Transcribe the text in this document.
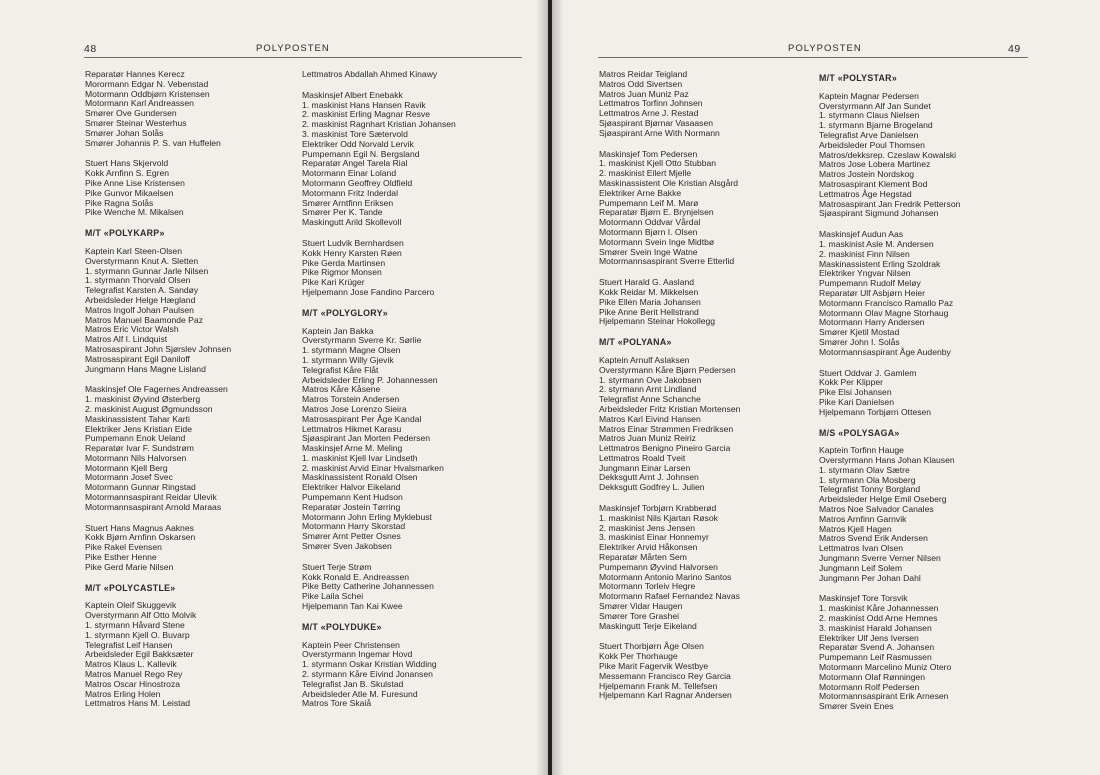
48	POLYPOSTEN
Reparatør Hannes Kerecz
Morormann Edgar N. Vebenstad
Motormann Oddbjørn Kristensen
Motormann Karl Andreassen
Smører Ove Gundersen
Smører Steinar Westerhus
Smører Johan Solås
Smører Johannis P. S. van Huffelen
Stuert Hans Skjervold
Kokk Arnfinn S. Egren
Pike Anne Lise Kristensen
Pike Gunvor Mikaelsen
Pike Ragna Solås
Pike Wenche M. Mikalsen
M/T «POLYKARP»
Kaptein Karl Steen-Olsen
Overstyrmann Knut A. Sletten
1. styrmann Gunnar Jarle Nilsen
1. styrmann Thorvald Olsen
Telegrafist Karsten A. Sandøy
Arbeidsleder Helge Hægland
Matros Ingolf Johan Paulsen
Matros Manuel Baamonde Paz
Matros Eric Victor Walsh
Matros Alf I. Lindquist
Matrosaspirant John Sjørslev Johnsen
Matrosaspirant Egil Daniloff
Jungmann Hans Magne Lisland
Maskinsjef Ole Fagernes Andreassen
1. maskinist Øyvind Østerberg
2. maskinist August Øgmundsson
Maskinassistent Tahar Karti
Elektriker Jens Kristian Eide
Pumpemann Enok Ueland
Reparatør Ivar F. Sundstrøm
Motormann Nils Halvorsen
Motormann Kjell Berg
Motormann Josef Svec
Motormann Gunnar Ringstad
Motormannsaspirant Reidar Ulevik
Motormannsaspirant Arnold Maraas
Stuert Hans Magnus Aaknes
Kokk Bjørn Arnfinn Oskarsen
Pike Rakel Evensen
Pike Esther Henne
Pike Gerd Marie Nilsen
M/T «POLYCASTLE»
Kaptein Oleif Skuggevik
Overstyrmann Alf Otto Molvik
1. styrmann Håvard Stene
1. styrmann Kjell O. Buvarp
Telegrafist Leif Hansen
Arbeidsleder Egil Bakksæter
Matros Klaus L. Kallevik
Matros Manuel Rego Rey
Matros Oscar Hinostroza
Matros Erling Holen
Lettmatros Hans M. Leistad
Lettmatros Abdallah Ahmed Kinawy
Maskinsjef Albert Enebakk
1. maskinist Hans Hansen Ravik
2. maskinist Erling Magnar Resve
2. maskinist Ragnhart Kristian Johansen
3. maskinist Tore Sætervold
Elektriker Odd Norvald Lervik
Pumpemann Egil N. Bergsland
Reparatør Angel Tarela Rial
Motormann Einar Loland
Motormann Geoffrey Oldfield
Motormann Fritz Inderdal
Smører Arntfinn Eriksen
Smører Per K. Tande
Maskingutt Arild Skollevoll
Stuert Ludvik Bernhardsen
Kokk Henry Karsten Røen
Pike Gerda Martinsen
Pike Rigmor Monsen
Pike Kari Krüger
Hjelpemann Jose Fandino Parcero
M/T «POLYGLORY»
Kaptein Jan Bakka
Overstyrmann Sverre Kr. Sørlie
1. styrmann Magne Olsen
1. styrmann Willy Gjevik
Telegrafist Kåre Flåt
Arbeidsleder Erling P. Johannessen
Matros Kåre Kåsene
Matros Torstein Andersen
Matros Jose Lorenzo Sieira
Matrosaspirant Per Åge Kandal
Lettmatros Hikmet Karasu
Sjøaspirant Jan Morten Pedersen
Maskinsjef Arne M. Meling
1. maskinist Kjell Ivar Lindseth
2. maskinist Arvid Einar Hvalsmarken
Maskinassistent Ronald Olsen
Elektriker Halvor Eikeland
Pumpemann Kent Hudson
Reparatør Jostein Tørring
Motormann John Erling Myklebust
Motormann Harry Skorstad
Smører Arnt Petter Osnes
Smører Sven Jakobsen
Stuert Terje Strøm
Kokk Ronald E. Andreassen
Pike Betty Catherine Johannessen
Pike Laila Schei
Hjelpemann Tan Kai Kwee
M/T «POLYDUKE»
Kaptein Peer Christensen
Overstyrmann Ingemar Hovd
1. styrmann Oskar Kristian Widding
2. styrmann Kåre Eivind Jonansen
Telegrafist Jan B. Skulstad
Arbeidsleder Atle M. Furesund
Matros Tore Skaiå
POLYPOSTEN	49
Matros Reidar Teigland
Matros Odd Sivertsen
Matros Juan Muniz Paz
Lettmatros Torfinn Johnsen
Lettmatros Arne J. Restad
Sjøaspirant Bjørnar Vasaasen
Sjøaspirant Arne With Normann
Maskinsjef Tom Pedersen
1. maskinist Kjell Otto Stubban
2. maskinist Eilert Mjelle
Maskinassistent Ole Kristian Alsgård
Elektriker Arne Bakke
Pumpemann Leif M. Marø
Reparatør Bjørn E. Brynjelsen
Motormann Oddvar Vårdal
Motormann Bjørn I. Olsen
Motormann Svein Inge Midtbø
Smører Svein Inge Watne
Motormannsaspirant Sverre Etterlid
Stuert Harald G. Aasland
Kokk Reidar M. Mikkelsen
Pike Ellen Maria Johansen
Pike Anne Berit Hellstrand
Hjelpemann Steinar Hokollegg
M/T «POLYANA»
Kaptein Arnulf Aslaksen
Overstyrmann Kåre Bjørn Pedersen
1. styrmann Ove Jakobsen
2. styrmann Arnt Lindland
Telegrafist Anne Schanche
Arbeidsleder Fritz Kristian Mortensen
Matros Karl Eivind Hansen
Matros Einar Strømmen Fredriksen
Matros Juan Muniz Reiriz
Lettmatros Benigno Pineiro Garcia
Lettmatros Roald Tveit
Jungmann Einar Larsen
Dekksgutt Arnt J. Johnsen
Dekksgutt Godfrey L. Julien
Maskinsjef Torbjørn Krabberød
1. maskinist Nils Kjartan Røsok
2. maskinist Jens Jensen
3. maskinist Einar Honnemyr
Elektriker Arvid Håkonsen
Reparatør Mårten Sem
Pumpemann Øyvind Halvorsen
Motormann Antonio Marino Santos
Motormann Torleiv Hegre
Motormann Rafael Fernandez Navas
Smører Vidar Haugen
Smører Tore Grashei
Maskingutt Terje Eikeland
Stuert Thorbjørn Åge Olsen
Kokk Per Thorhauge
Pike Marit Fagervik Westbye
Messemann Francisco Rey Garcia
Hjelpemann Frank M. Tellefsen
Hjelpemann Karl Ragnar Andersen
M/T «POLYSTAR»
Kaptein Magnar Pedersen
Overstyrmann Alf Jan Sundet
1. styrmann Claus Nielsen
1. styrmann Bjarne Brogeland
Telegrafist Arve Danielsen
Arbeidsleder Poul Thomsen
Matros/dekksrep. Czeslaw Kowalski
Matros Jose Lobera Martinez
Matros Jostein Nordskog
Matrosaspirant Klement Bod
Lettmatros Åge Hegstad
Matrosaspirant Jan Fredrik Petterson
Sjøaspirant Sigmund Johansen
Maskinsjef Audun Aas
1. maskinist Asle M. Andersen
2. maskinist Finn Nilsen
Maskinassistent Erling Szoldrak
Elektriker Yngvar Nilsen
Pumpemann Rudolf Meløy
Reparatør Ulf Asbjørn Heier
Motormann Francisco Ramallo Paz
Motormann Olav Magne Storhaug
Motormann Harry Andersen
Smører Kjetil Mostad
Smører John I. Solås
Motormannsaspirant Åge Audenby
Stuert Oddvar J. Gamlem
Kokk Per Klipper
Pike Elsi Johansen
Pike Kari Danielsen
Hjelpemann Torbjørn Ottesen
M/S «POLYSAGA»
Kaptein Torfinn Hauge
Overstyrmann Hans Johan Klausen
1. styrmann Olav Sætre
1. styrmann Ola Mosberg
Telegrafist Tonny Borgland
Arbeidsleder Helge Emil Oseberg
Matros Noe Salvador Canales
Matros Arnfinn Garnvik
Matros Kjell Hagen
Matros Svend Erik Andersen
Lettmatros Ivan Olsen
Jungmann Sverre Verner Nilsen
Jungmann Leif Solem
Jungmann Per Johan Dahl
Maskinsjef Tore Torsvik
1. maskinist Kåre Johannessen
2. maskinist Odd Arne Hemnes
3. maskinist Harald Johansen
Elektriker Ulf Jens Iversen
Reparatør Svend A. Johansen
Pumpemann Leif Rasmussen
Motormann Marcelino Muniz Otero
Motormann Olaf Rønningen
Motormann Rolf Pedersen
Motormannsaspirant Erik Arnesen
Smører Svein Enes
